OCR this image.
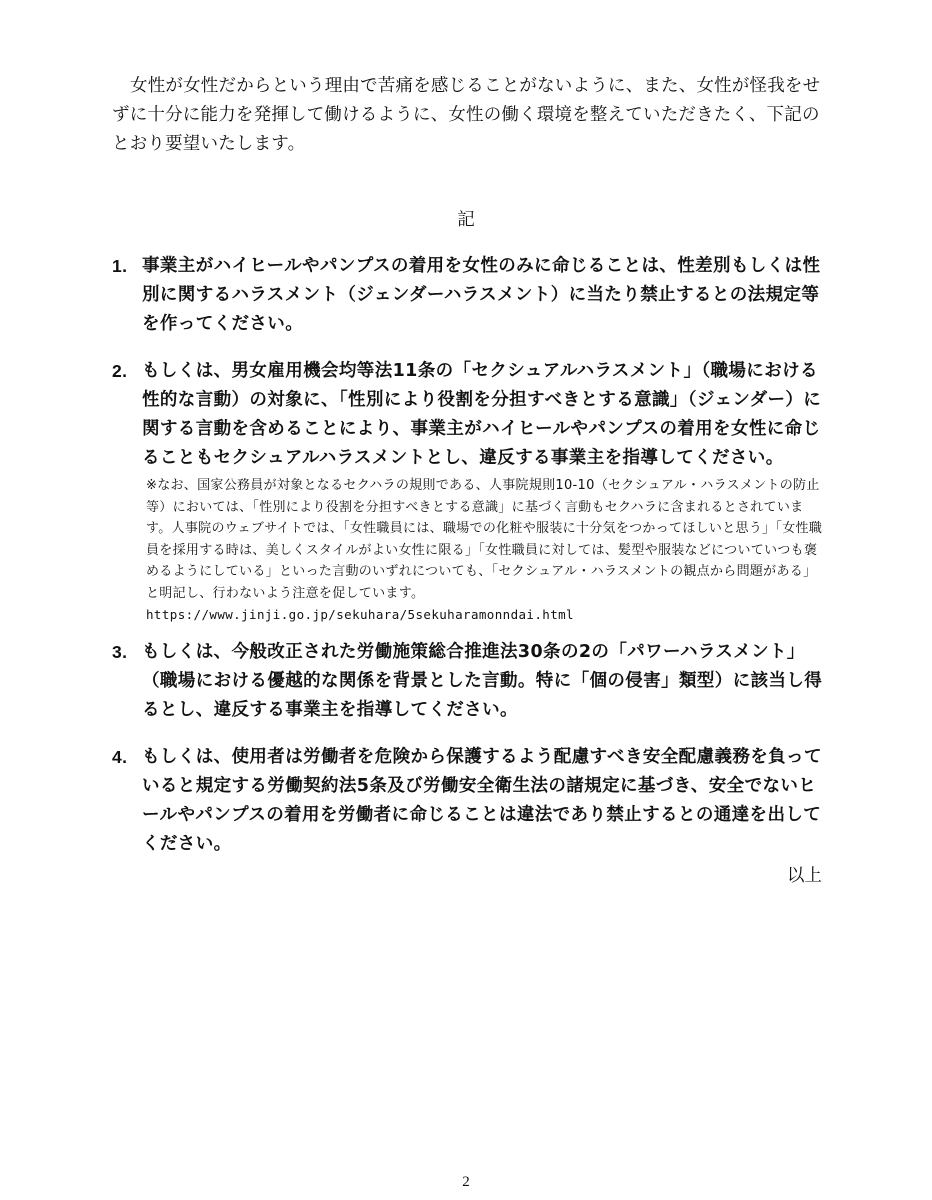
女性が女性だからという理由で苦痛を感じることがないように、また、女性が怪我をせずに十分に能力を発揮して働けるように、女性の働く環境を整えていただきたく、下記のとおり要望いたします。

記

1. 事業主がハイヒールやパンプスの着用を女性のみに命じることは、性差別もしくは性別に関するハラスメント（ジェンダーハラスメント）に当たり禁止するとの法規定等を作ってください。
2. もしくは、男女雇用機会均等法11条の「セクシュアルハラスメント」（職場における性的な言動）の対象に、「性別により役割を分担すべきとする意識」（ジェンダー）に関する言動を含めることにより、事業主がハイヒールやパンプスの着用を女性に命じることもセクシュアルハラスメントとし、違反する事業主を指導してください。
※なお、国家公務員が対象となるセクハラの規則である、人事院規則10-10（セクシュアル・ハラスメントの防止等）においては、「性別により役割を分担すべきとする意識」に基づく言動もセクハラに含まれるとされています。人事院のウェブサイトでは、「女性職員には、職場での化粧や服装に十分気をつかってほしいと思う」「女性職員を採用する時は、美しくスタイルがよい女性に限る」「女性職員に対しては、髪型や服装などについていつも褒めるようにしている」といった言動のいずれについても、「セクシュアル・ハラスメントの観点から問題がある」と明記し、行わないよう注意を促しています。
https://www.jinji.go.jp/sekuhara/5sekuharamonndai.html
3. もしくは、今般改正された労働施策総合推進法30条の2の「パワーハラスメント」（職場における優越的な関係を背景とした言動。特に「個の侵害」類型）に該当し得るとし、違反する事業主を指導してください。
4. もしくは、使用者は労働者を危険から保護するよう配慮すべき安全配慮義務を負っていると規定する労働契約法5条及び労働安全衛生法の諸規定に基づき、安全でないヒールやパンプスの着用を労働者に命じることは違法であり禁止するとの通達を出してください。

以上

2
